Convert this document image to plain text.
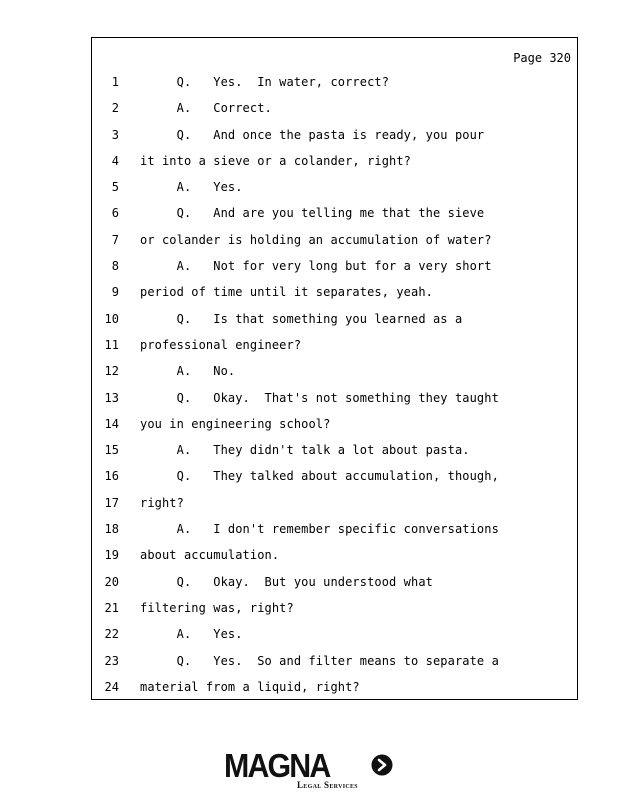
Page 320
1 Q.   Yes.  In water, correct?
2 A.   Correct.
3 Q.   And once the pasta is ready, you pour
4 it into a sieve or a colander, right?
5 A.   Yes.
6 Q.   And are you telling me that the sieve
7 or colander is holding an accumulation of water?
8 A.   Not for very long but for a very short
9 period of time until it separates, yeah.
10 Q.   Is that something you learned as a
11 professional engineer?
12 A.   No.
13 Q.   Okay.  That's not something they taught
14 you in engineering school?
15 A.   They didn't talk a lot about pasta.
16 Q.   They talked about accumulation, though,
17 right?
18 A.   I don't remember specific conversations
19 about accumulation.
20 Q.   Okay.  But you understood what
21 filtering was, right?
22 A.   Yes.
23 Q.   Yes.  So and filter means to separate a
24 material from a liquid, right?
MAGNA
Legal Services
